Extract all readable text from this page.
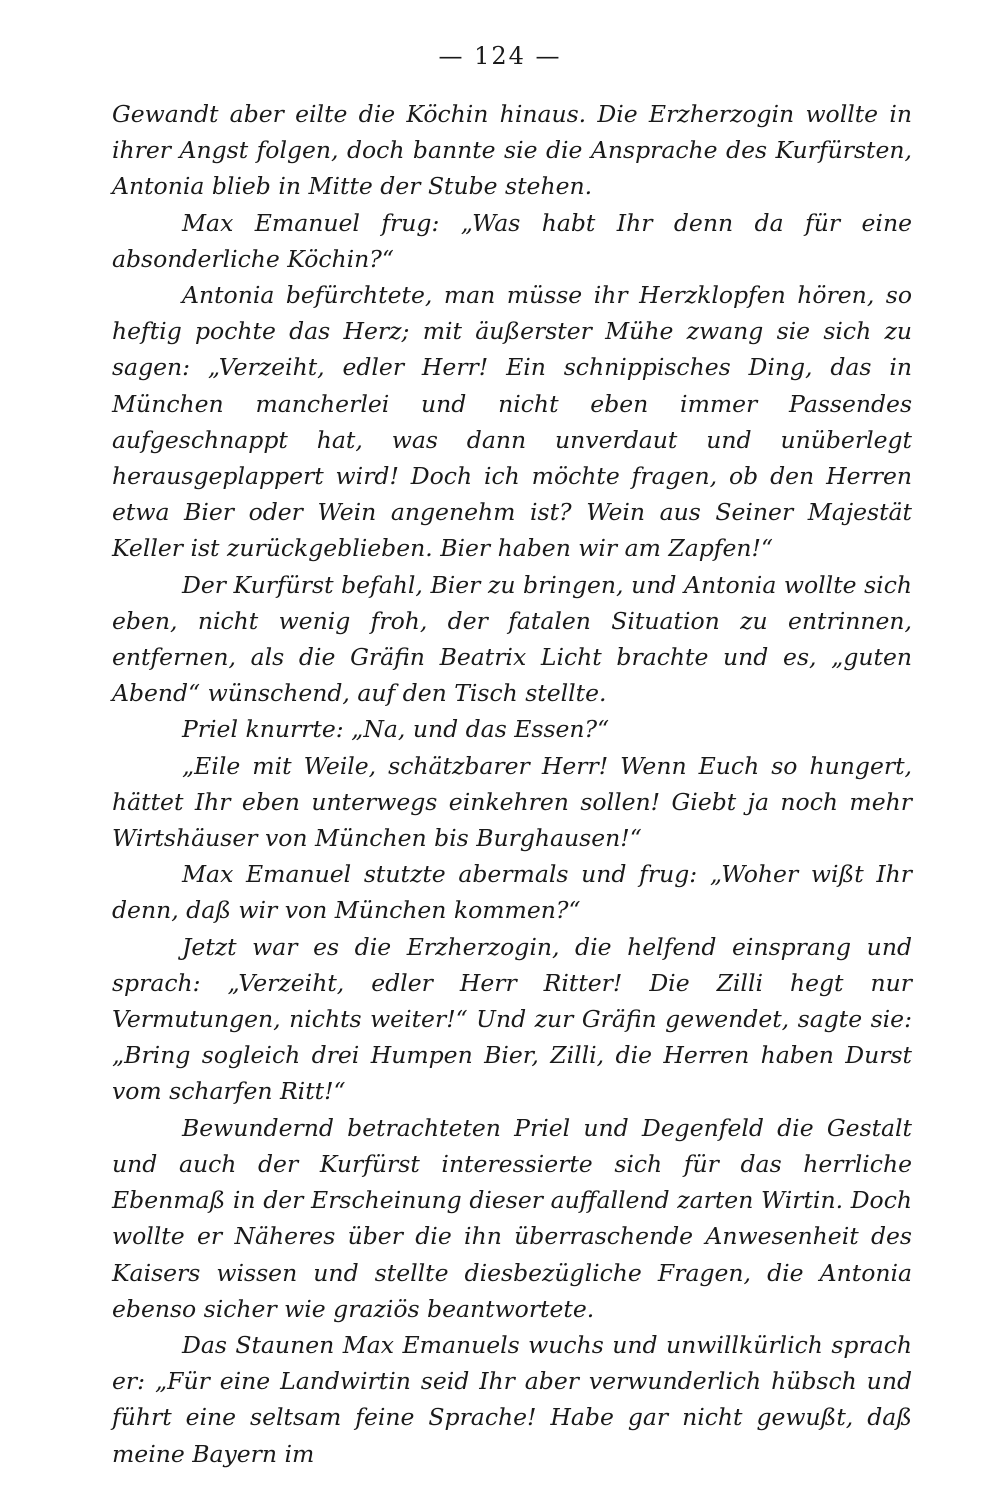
— 124 —

Gewandt aber eilte die Köchin hinaus. Die Erzherzogin wollte in ihrer Angst folgen, doch bannte sie die Ansprache des Kurfürsten, Antonia blieb in Mitte der Stube stehen.

Max Emanuel frug: „Was habt Ihr denn da für eine absonderliche Köchin?“

Antonia befürchtete, man müsse ihr Herzklopfen hören, so heftig pochte das Herz; mit äußerster Mühe zwang sie sich zu sagen: „Verzeiht, edler Herr! Ein schnippisches Ding, das in München mancherlei und nicht eben immer Passendes aufgeschnappt hat, was dann unverdaut und unüberlegt herausgeplappert wird! Doch ich möchte fragen, ob den Herren etwa Bier oder Wein angenehm ist? Wein aus Seiner Majestät Keller ist zurückgeblieben. Bier haben wir am Zapfen!“

Der Kurfürst befahl, Bier zu bringen, und Antonia wollte sich eben, nicht wenig froh, der fatalen Situation zu entrinnen, entfernen, als die Gräfin Beatrix Licht brachte und es, „guten Abend“ wünschend, auf den Tisch stellte.

Priel knurrte: „Na, und das Essen?“

„Eile mit Weile, schätzbarer Herr! Wenn Euch so hungert, hättet Ihr eben unterwegs einkehren sollen! Giebt ja noch mehr Wirtshäuser von München bis Burghausen!“

Max Emanuel stutzte abermals und frug: „Woher wißt Ihr denn, daß wir von München kommen?“

Jetzt war es die Erzherzogin, die helfend einsprang und sprach: „Verzeiht, edler Herr Ritter! Die Zilli hegt nur Vermutungen, nichts weiter!“ Und zur Gräfin gewendet, sagte sie: „Bring sogleich drei Humpen Bier, Zilli, die Herren haben Durst vom scharfen Ritt!“

Bewundernd betrachteten Priel und Degenfeld die Gestalt und auch der Kurfürst interessierte sich für das herrliche Ebenmaß in der Erscheinung dieser auffallend zarten Wirtin. Doch wollte er Näheres über die ihn überraschende Anwesenheit des Kaisers wissen und stellte diesbezügliche Fragen, die Antonia ebenso sicher wie graziös beantwortete.

Das Staunen Max Emanuels wuchs und unwillkürlich sprach er: „Für eine Landwirtin seid Ihr aber verwunderlich hübsch und führt eine seltsam feine Sprache! Habe gar nicht gewußt, daß meine Bayern im
